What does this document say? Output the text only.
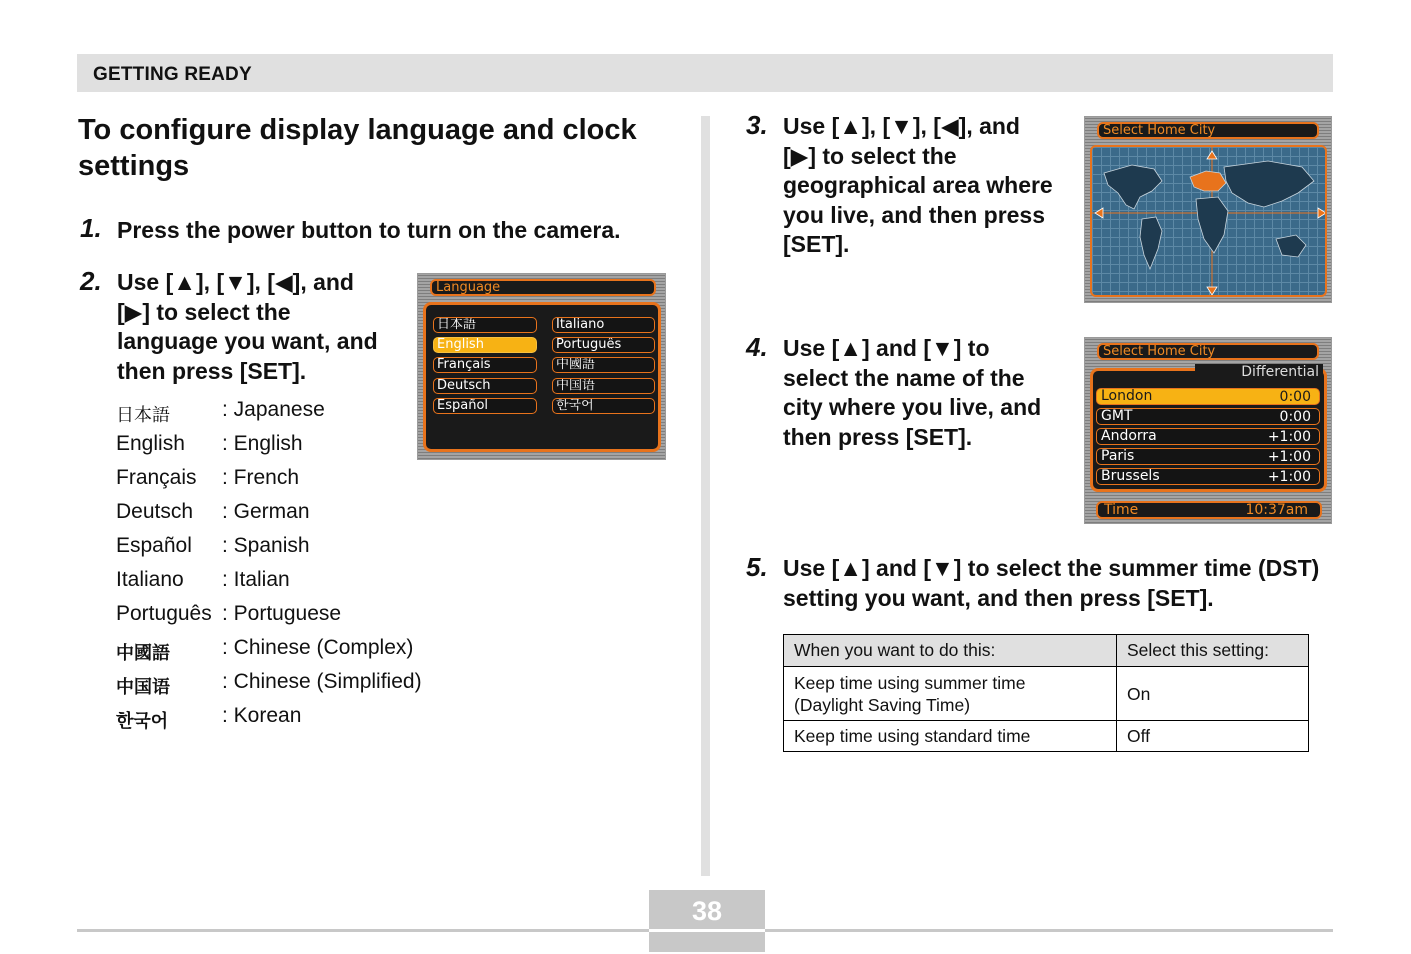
GETTING READY
To configure display language and clock settings
1. Press the power button to turn on the camera.
2. Use [▲], [▼], [◀], and [▶] to select the language you want, and then press [SET].
日本語 : Japanese
English : English
Français : French
Deutsch : German
Español : Spanish
Italiano : Italian
Português : Portuguese
中國語 : Chinese (Complex)
中国语 : Chinese (Simplified)
한국어	: Korean
Language
日本語
English
Français
Deutsch
Español
Italiano
Português
中國語
中国语
한국어
3. Use [▲], [▼], [◀], and [▶] to select the geographical area where you live, and then press [SET].
Select Home City
4. Use [▲] and [▼] to select the name of the city where you live, and then press [SET].
Select Home City
Differential
London	0:00
GMT	0:00
Andorra	+1:00
Paris	+1:00
Brussels	+1:00
Time	10:37am
5. Use [▲] and [▼] to select the summer time (DST) setting you want, and then press [SET].
When you want to do this:	Select this setting:
Keep time using summer time
(Daylight Saving Time)	On
Keep time using standard time	Off
38
